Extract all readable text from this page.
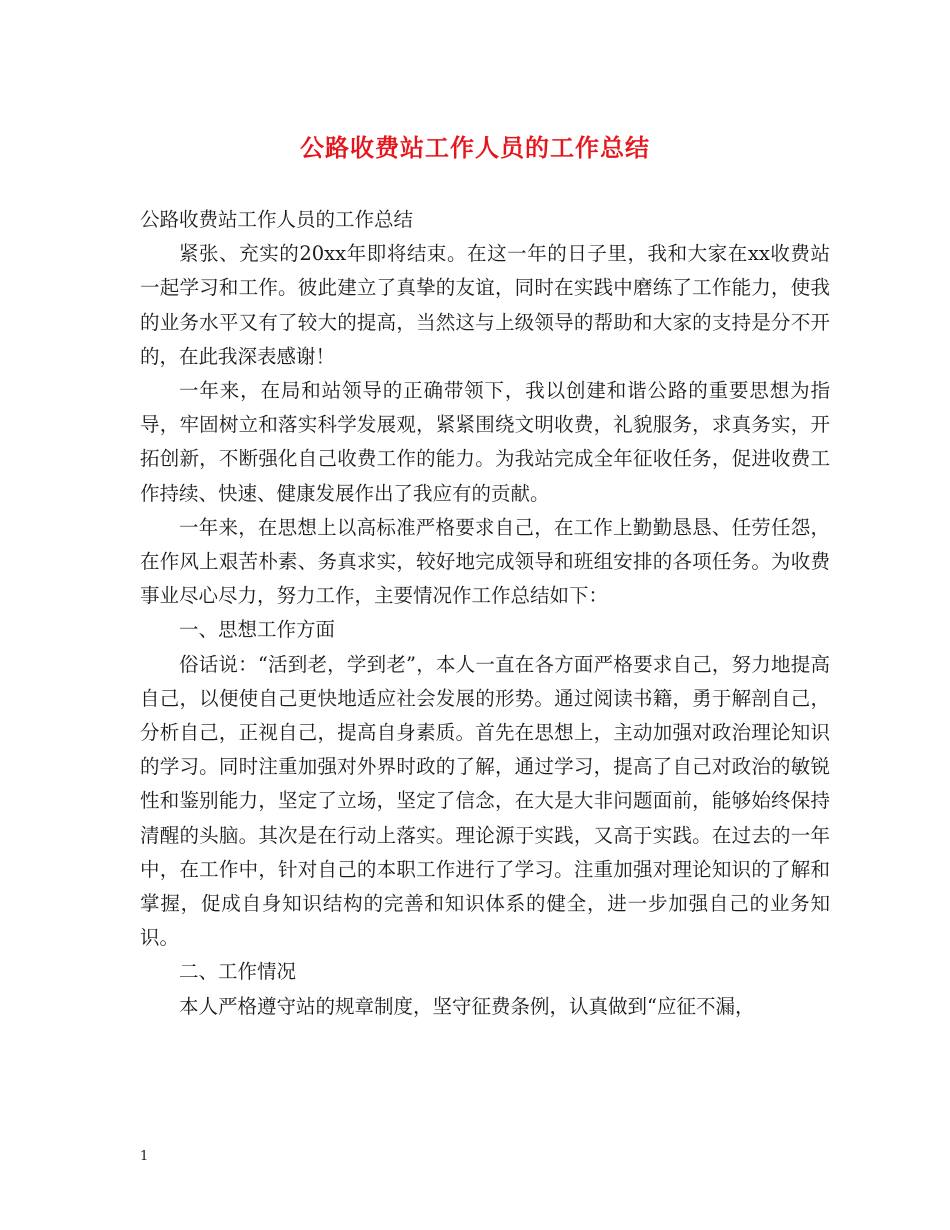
公路收费站工作人员的工作总结

公路收费站工作人员的工作总结

紧张、充实的20xx年即将结束。在这一年的日子里，我和大家在xx收费站一起学习和工作。彼此建立了真挚的友谊，同时在实践中磨练了工作能力，使我的业务水平又有了较大的提高，当然这与上级领导的帮助和大家的支持是分不开的，在此我深表感谢！

一年来，在局和站领导的正确带领下，我以创建和谐公路的重要思想为指导，牢固树立和落实科学发展观，紧紧围绕文明收费，礼貌服务，求真务实，开拓创新，不断强化自己收费工作的能力。为我站完成全年征收任务，促进收费工作持续、快速、健康发展作出了我应有的贡献。

一年来，在思想上以高标准严格要求自己，在工作上勤勤恳恳、任劳任怨，在作风上艰苦朴素、务真求实，较好地完成领导和班组安排的各项任务。为收费事业尽心尽力，努力工作，主要情况作工作总结如下：

一、思想工作方面

俗话说：“活到老，学到老”，本人一直在各方面严格要求自己，努力地提高自己，以便使自己更快地适应社会发展的形势。通过阅读书籍，勇于解剖自己，分析自己，正视自己，提高自身素质。首先在思想上，主动加强对政治理论知识的学习。同时注重加强对外界时政的了解，通过学习，提高了自己对政治的敏锐性和鉴别能力，坚定了立场，坚定了信念，在大是大非问题面前，能够始终保持清醒的头脑。其次是在行动上落实。理论源于实践，又高于实践。在过去的一年中，在工作中，针对自己的本职工作进行了学习。注重加强对理论知识的了解和掌握，促成自身知识结构的完善和知识体系的健全，进一步加强自己的业务知识。

二、工作情况

本人严格遵守站的规章制度，坚守征费条例，认真做到“应征不漏，

1
